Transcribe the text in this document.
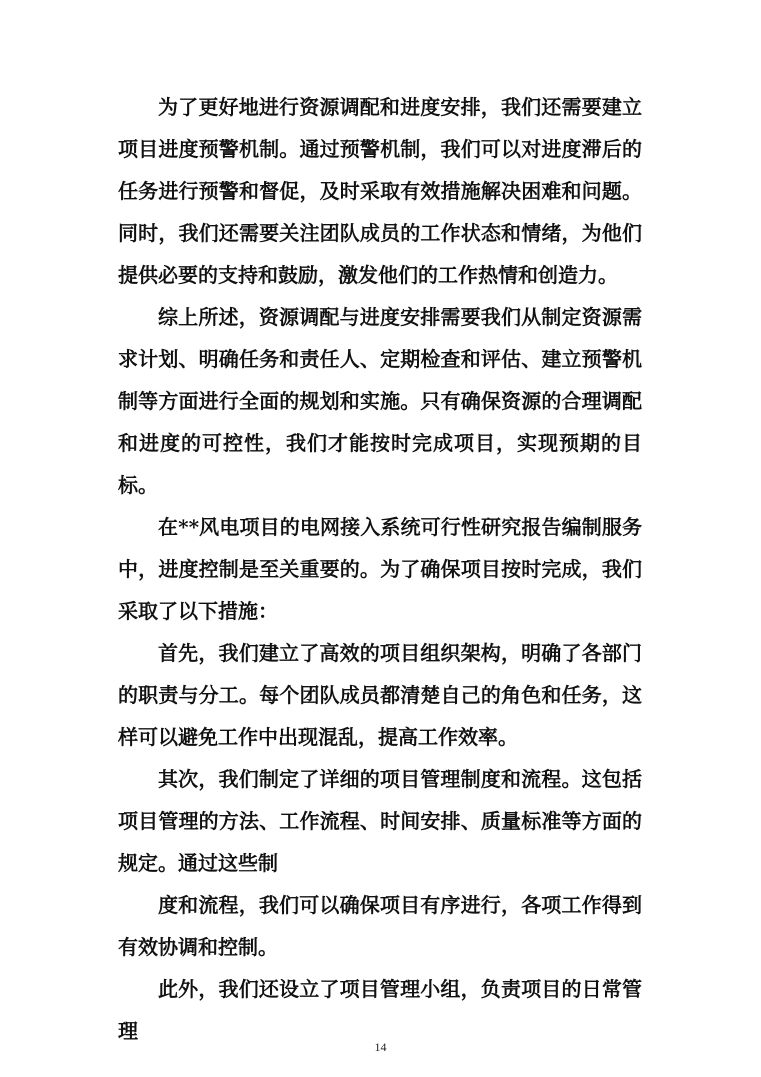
为了更好地进行资源调配和进度安排，我们还需要建立项目进度预警机制。通过预警机制，我们可以对进度滞后的任务进行预警和督促，及时采取有效措施解决困难和问题。同时，我们还需要关注团队成员的工作状态和情绪，为他们提供必要的支持和鼓励，激发他们的工作热情和创造力。

综上所述，资源调配与进度安排需要我们从制定资源需求计划、明确任务和责任人、定期检查和评估、建立预警机制等方面进行全面的规划和实施。只有确保资源的合理调配和进度的可控性，我们才能按时完成项目，实现预期的目标。

在**风电项目的电网接入系统可行性研究报告编制服务中，进度控制是至关重要的。为了确保项目按时完成，我们采取了以下措施：

首先，我们建立了高效的项目组织架构，明确了各部门的职责与分工。每个团队成员都清楚自己的角色和任务，这样可以避免工作中出现混乱，提高工作效率。

其次，我们制定了详细的项目管理制度和流程。这包括项目管理的方法、工作流程、时间安排、质量标准等方面的规定。通过这些制

度和流程，我们可以确保项目有序进行，各项工作得到有效协调和控制。

此外，我们还设立了项目管理小组，负责项目的日常管理

14
